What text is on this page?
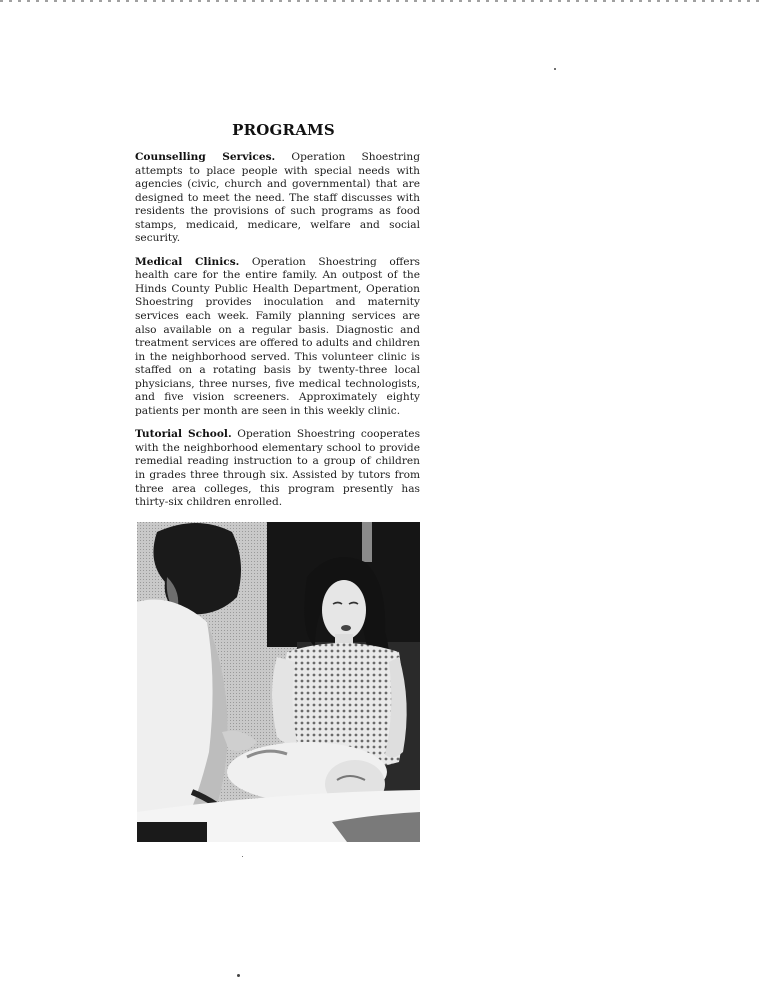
PROGRAMS

Counselling Services. Operation Shoestring attempts to place people with special needs with agencies (civic, church and governmental) that are designed to meet the need. The staff discusses with residents the provisions of such programs as food stamps, medicaid, medicare, welfare and social security.

Medical Clinics. Operation Shoestring offers health care for the entire family. An outpost of the Hinds County Public Health Department, Operation Shoestring provides inoculation and maternity services each week. Family planning services are also available on a regular basis. Diagnostic and treatment services are offered to adults and children in the neighborhood served. This volunteer clinic is staffed on a rotating basis by twenty-three local physicians, three nurses, five medical technologists, and five vision screeners. Approximately eighty patients per month are seen in this weekly clinic.

Tutorial School. Operation Shoestring cooperates with the neighborhood elementary school to provide remedial reading instruction to a group of children in grades three through six. Assisted by tutors from three area colleges, this program presently has thirty-six children enrolled.
